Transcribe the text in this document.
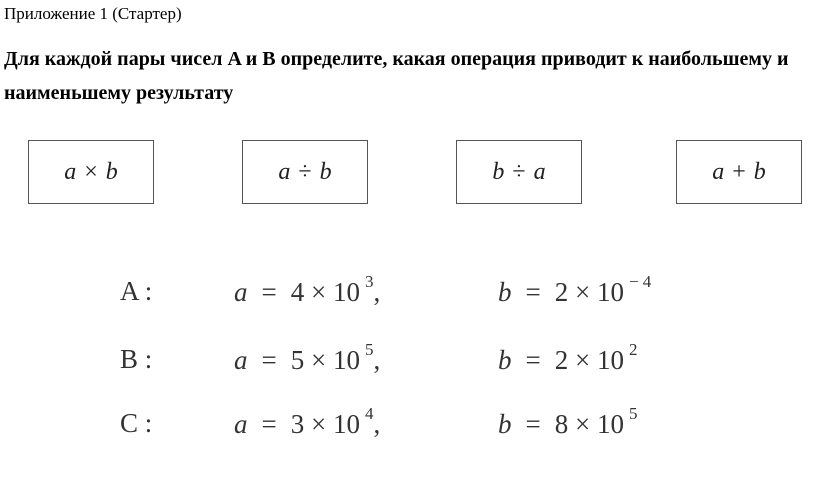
Приложение 1 (Стартер)
Для каждой пары чисел A и B определите, какая операция приводит к наибольшему и наименьшему результату
a × b	a ÷ b	b ÷ a	a + b
A :	a = 4 × 10 $^3$,	b = 2 × 10 $^{- 4}$
B :	a = 5 × 10 $^5$,	b = 2 × 10 $^2$
C :	a = 3 × 10 $^4$,	b = 8 × 10 $^5$
